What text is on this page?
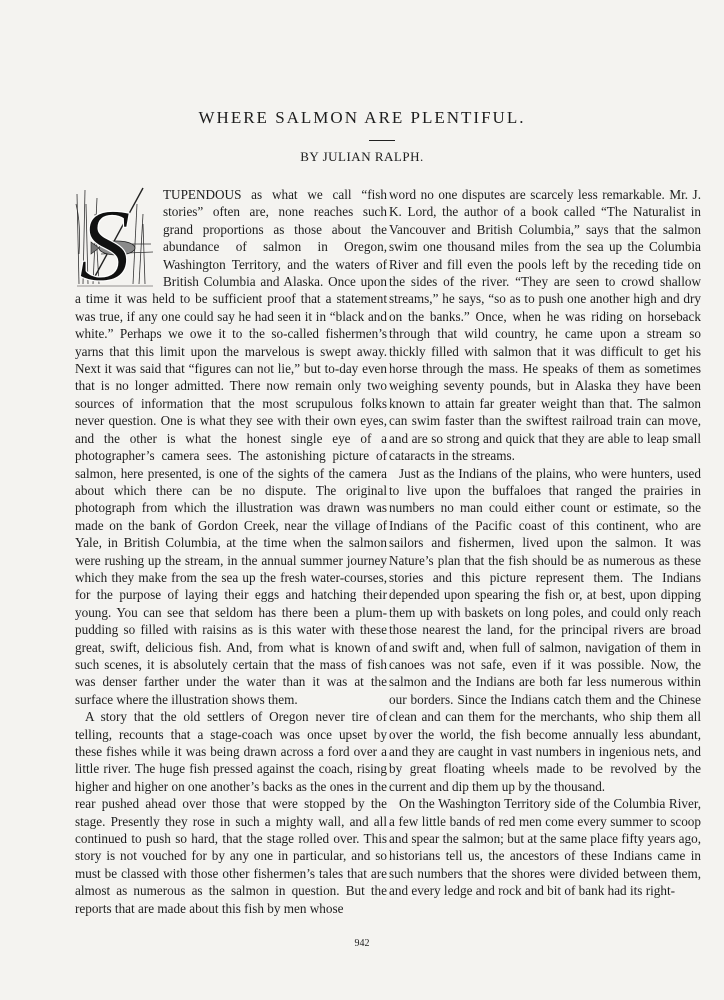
WHERE SALMON ARE PLENTIFUL.
BY JULIAN RALPH.
S	TUPENDOUS as what we call “fish stories” often are, none reaches such grand proportions as those about the abundance of salmon in Oregon, Washington Territory, and the waters of British Columbia and Alaska. Once upon a time it was held to be sufficient proof that a statement was true, if any one could say he had seen it in “black and white.” Perhaps we owe it to the so-called fishermen’s yarns that this limit upon the marvelous is swept away. Next it was said that “figures can not lie,” but to-day even that is no longer admitted. There now remain only two sources of information that the most scrupulous folks never question. One is what they see with their own eyes, and the other is what the honest single eye of a photographer’s camera sees. The astonishing picture of salmon, here presented, is one of the sights of the camera about which there can be no dispute. The original photograph from which the illustration was drawn was made on the bank of Gordon Creek, near the village of Yale, in British Columbia, at the time when the salmon were rushing up the stream, in the annual summer journey which they make from the sea up the fresh water-courses, for the purpose of laying their eggs and hatching their young. You can see that seldom has there been a plum-pudding so filled with raisins as is this water with these great, swift, delicious fish. And, from what is known of such scenes, it is absolutely certain that the mass of fish was denser farther under the water than it was at the surface where the illustration shows them.

A story that the old settlers of Oregon never tire of telling, recounts that a stage-coach was once upset by these fishes while it was being drawn across a ford over a little river. The huge fish pressed against the coach, rising higher and higher on one another’s backs as the ones in the rear pushed ahead over those that were stopped by the stage. Presently they rose in such a mighty wall, and all continued to push so hard, that the stage rolled over. This story is not vouched for by any one in particular, and so must be classed with those other fishermen’s tales that are almost as numerous as the salmon in question. But the reports that are made about this fish by men whose

word no one disputes are scarcely less remarkable. Mr. J. K. Lord, the author of a book called “The Naturalist in Vancouver and British Columbia,” says that the salmon swim one thousand miles from the sea up the Columbia River and fill even the pools left by the receding tide on the sides of the river. “They are seen to crowd shallow streams,” he says, “so as to push one another high and dry on the banks.” Once, when he was riding on horseback through that wild country, he came upon a stream so thickly filled with salmon that it was difficult to get his horse through the mass. He speaks of them as sometimes weighing seventy pounds, but in Alaska they have been known to attain far greater weight than that. The salmon can swim faster than the swiftest railroad train can move, and are so strong and quick that they are able to leap small cataracts in the streams.

Just as the Indians of the plains, who were hunters, used to live upon the buffaloes that ranged the prairies in numbers no man could either count or estimate, so the Indians of the Pacific coast of this continent, who are sailors and fishermen, lived upon the salmon. It was Nature’s plan that the fish should be as numerous as these stories and this picture represent them. The Indians depended upon spearing the fish or, at best, upon dipping them up with baskets on long poles, and could only reach those nearest the land, for the principal rivers are broad and swift and, when full of salmon, navigation of them in canoes was not safe, even if it was possible. Now, the salmon and the Indians are both far less numerous within our borders. Since the Indians catch them and the Chinese clean and can them for the merchants, who ship them all over the world, the fish become annually less abundant, and they are caught in vast numbers in ingenious nets, and by great floating wheels made to be revolved by the current and dip them up by the thousand.

On the Washington Territory side of the Columbia River, a few little bands of red men come every summer to scoop and spear the salmon; but at the same place fifty years ago, historians tell us, the ancestors of these Indians came in such numbers that the shores were divided between them, and every ledge and rock and bit of bank had its right-

942
